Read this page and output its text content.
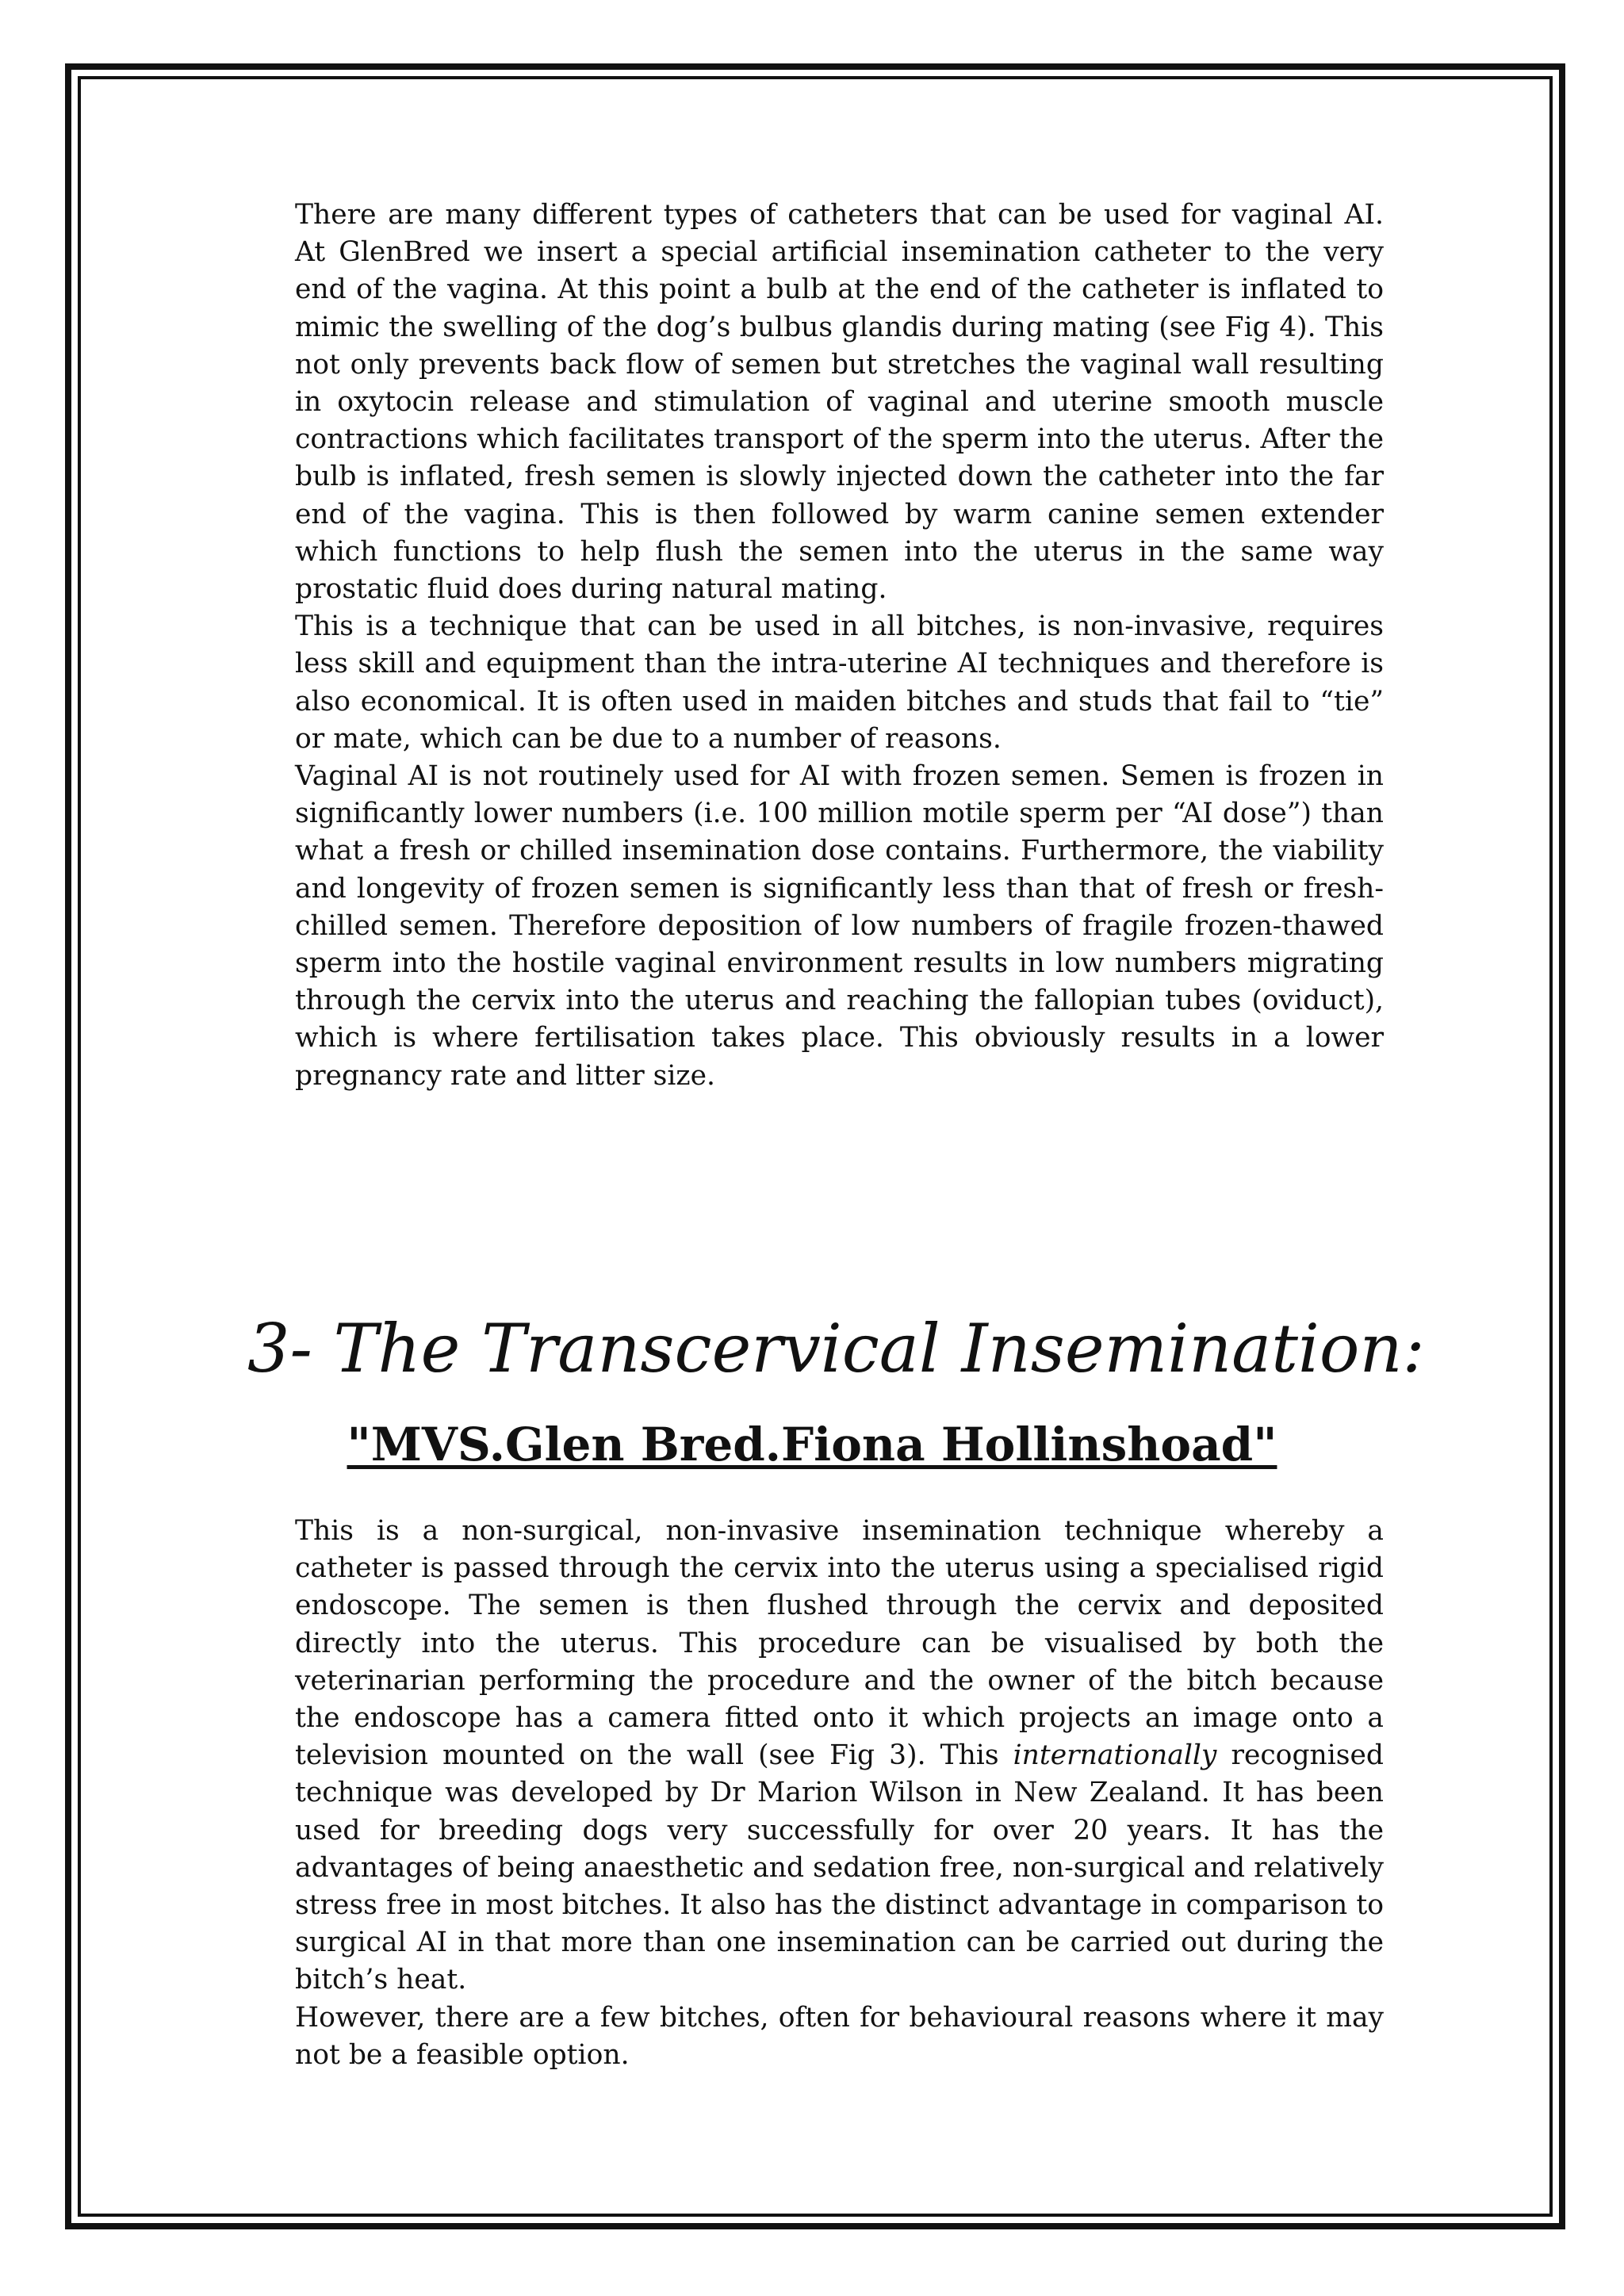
There are many different types of catheters that can be used for vaginal AI. At GlenBred we insert a special artificial insemination catheter to the very end of the vagina. At this point a bulb at the end of the catheter is inflated to mimic the swelling of the dog’s bulbus glandis during mating (see Fig 4). This not only prevents back flow of semen but stretches the vaginal wall resulting in oxytocin release and stimulation of vaginal and uterine smooth muscle contractions which facilitates transport of the sperm into the uterus. After the bulb is inflated, fresh semen is slowly injected down the catheter into the far end of the vagina. This is then followed by warm canine semen extender which functions to help flush the semen into the uterus in the same way prostatic fluid does during natural mating.

This is a technique that can be used in all bitches, is non-invasive, requires less skill and equipment than the intra-uterine AI techniques and therefore is also economical. It is often used in maiden bitches and studs that fail to “tie” or mate, which can be due to a number of reasons.

Vaginal AI is not routinely used for AI with frozen semen. Semen is frozen in significantly lower numbers (i.e. 100 million motile sperm per “AI dose”) than what a fresh or chilled insemination dose contains. Furthermore, the viability and longevity of frozen semen is significantly less than that of fresh or fresh-chilled semen. Therefore deposition of low numbers of fragile frozen-thawed sperm into the hostile vaginal environment results in low numbers migrating through the cervix into the uterus and reaching the fallopian tubes (oviduct), which is where fertilisation takes place. This obviously results in a lower pregnancy rate and litter size.

3- The Transcervical Insemination:
"MVS.Glen Bred.Fiona Hollinshoad"

This is a non-surgical, non-invasive insemination technique whereby a catheter is passed through the cervix into the uterus using a specialised rigid endoscope. The semen is then flushed through the cervix and deposited directly into the uterus. This procedure can be visualised by both the veterinarian performing the procedure and the owner of the bitch because the endoscope has a camera fitted onto it which projects an image onto a television mounted on the wall (see Fig 3). This internationally recognised technique was developed by Dr Marion Wilson in New Zealand. It has been used for breeding dogs very successfully for over 20 years. It has the advantages of being anaesthetic and sedation free, non-surgical and relatively stress free in most bitches. It also has the distinct advantage in comparison to surgical AI in that more than one insemination can be carried out during the bitch’s heat.

However, there are a few bitches, often for behavioural reasons where it may not be a feasible option.
